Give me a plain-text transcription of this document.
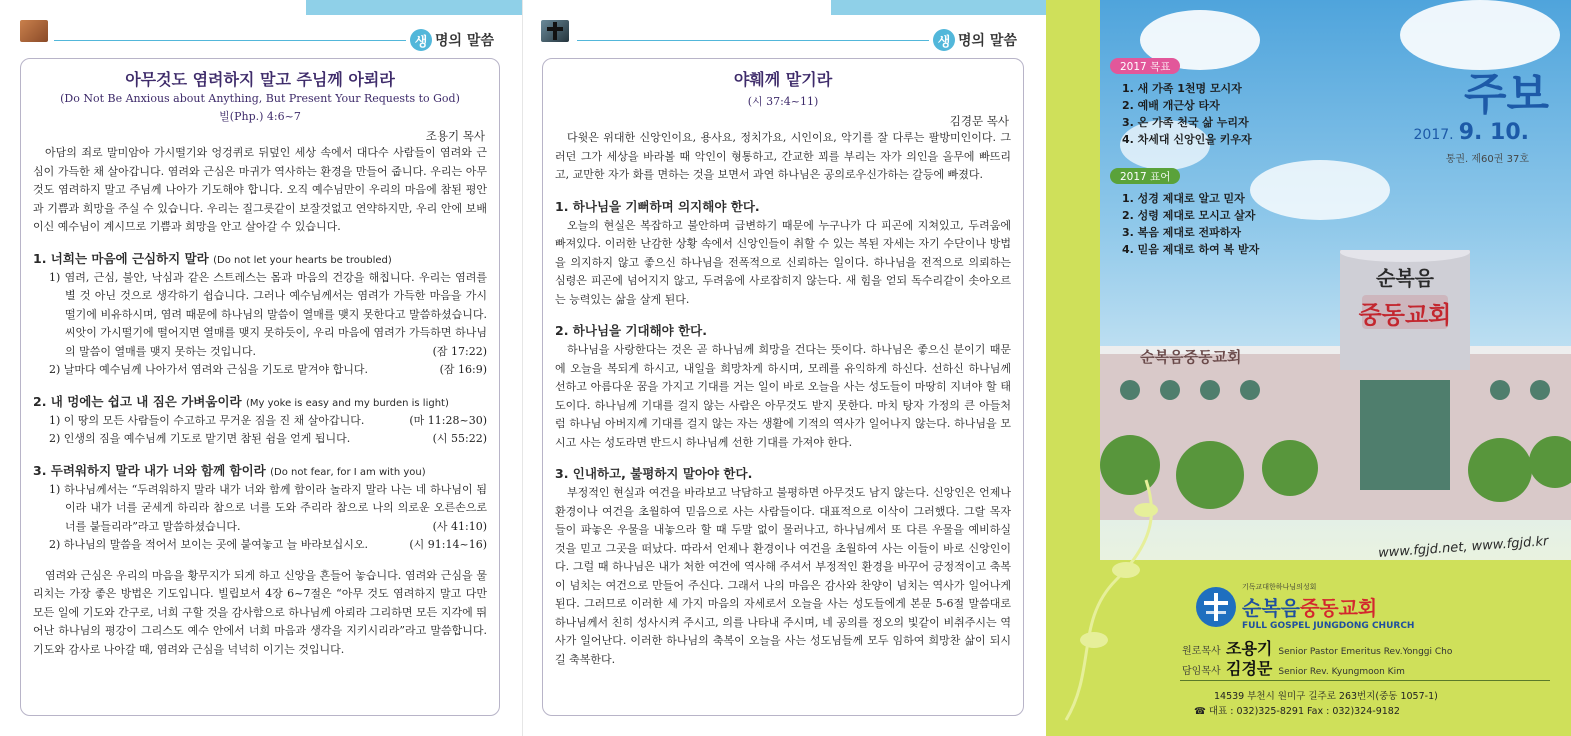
생 명의 말씀
아무것도 염려하지 말고 주님께 아뢰라
(Do Not Be Anxious about Anything, But Present Your Requests to God)
빌(Php.) 4:6~7
조용기 목사

아담의 죄로 말미암아 가시떨기와 엉겅퀴로 뒤덮인 세상 속에서 대다수 사람들이 염려와 근심이 가득한 채 살아갑니다. 염려와 근심은 마귀가 역사하는 환경을 만들어 줍니다. 우리는 아무것도 염려하지 말고 주님께 나아가 기도해야 합니다. 오직 예수님만이 우리의 마음에 참된 평안과 기쁨과 희망을 주실 수 있습니다. 우리는 질그릇같이 보잘것없고 연약하지만, 우리 안에 보배이신 예수님이 계시므로 기쁨과 희망을 안고 살아갈 수 있습니다.

1. 너희는 마음에 근심하지 말라 (Do not let your hearts be troubled)
1) 염려, 근심, 불안, 낙심과 같은 스트레스는 몸과 마음의 건강을 해칩니다. 우리는 염려를 별 것 아닌 것으로 생각하기 쉽습니다. 그러나 예수님께서는 염려가 가득한 마음을 가시떨기에 비유하시며, 염려 때문에 하나님의 말씀이 열매를 맺지 못한다고 말씀하셨습니다. 씨앗이 가시떨기에 떨어지면 열매를 맺지 못하듯이, 우리 마음에 염려가 가득하면 하나님의 말씀이 열매를 맺지 못하는 것입니다.	(잠 17:22)
2) 날마다 예수님께 나아가서 염려와 근심을 기도로 맡겨야 합니다.	(잠 16:9)
2. 내 멍에는 쉽고 내 짐은 가벼움이라 (My yoke is easy and my burden is light)
1) 이 땅의 모든 사람들이 수고하고 무거운 짐을 진 채 살아갑니다.	(마 11:28~30)
2) 인생의 짐을 예수님께 기도로 맡기면 참된 쉼을 얻게 됩니다.	(시 55:22)
3. 두려워하지 말라 내가 너와 함께 함이라 (Do not fear, for I am with you)
1) 하나님께서는 “두려워하지 말라 내가 너와 함께 함이라 놀라지 말라 나는 네 하나님이 됨이라 내가 너를 굳세게 하리라 참으로 너를 도와 주리라 참으로 나의 의로운 오른손으로 너를 붙들리라”라고 말씀하셨습니다.	(사 41:10)
2) 하나님의 말씀을 적어서 보이는 곳에 붙여놓고 늘 바라보십시오.	(시 91:14~16)

염려와 근심은 우리의 마음을 황무지가 되게 하고 신앙을 흔들어 놓습니다. 염려와 근심을 물리치는 가장 좋은 방법은 기도입니다. 빌립보서 4장 6~7절은 “아무 것도 염려하지 말고 다만 모든 일에 기도와 간구로, 너희 구할 것을 감사함으로 하나님께 아뢰라 그리하면 모든 지각에 뛰어난 하나님의 평강이 그리스도 예수 안에서 너희 마음과 생각을 지키시리라”라고 말씀합니다. 기도와 감사로 나아갈 때, 염려와 근심을 넉넉히 이기는 것입니다.

생 명의 말씀
야훼께 맡기라
(시 37:4~11)
김경문 목사

다윗은 위대한 신앙인이요, 용사요, 정치가요, 시인이요, 악기를 잘 다루는 팔방미인이다. 그러던 그가 세상을 바라볼 때 악인이 형통하고, 간교한 꾀를 부리는 자가 의인을 올무에 빠뜨리고, 교만한 자가 화를 면하는 것을 보면서 과연 하나님은 공의로우신가하는 갈등에 빠졌다.

1. 하나님을 기뻐하며 의지해야 한다.

오늘의 현실은 복잡하고 불안하며 급변하기 때문에 누구나가 다 피곤에 지쳐있고, 두려움에 빠져있다. 이러한 난감한 상황 속에서 신앙인들이 취할 수 있는 복된 자세는 자기 수단이나 방법을 의지하지 않고 좋으신 하나님을 전폭적으로 신뢰하는 일이다. 하나님을 전적으로 의뢰하는 심령은 피곤에 넘어지지 않고, 두려움에 사로잡히지 않는다. 새 힘을 얻되 독수리같이 솟아오르는 능력있는 삶을 살게 된다.

2. 하나님을 기대해야 한다.

하나님을 사랑한다는 것은 곧 하나님께 희망을 건다는 뜻이다. 하나님은 좋으신 분이기 때문에 오늘을 복되게 하시고, 내일을 희망차게 하시며, 모레를 유익하게 하신다. 선하신 하나님께 선하고 아름다운 꿈을 가지고 기대를 거는 일이 바로 오늘을 사는 성도들이 마땅히 지녀야 할 태도이다. 하나님께 기대를 걸지 않는 사람은 아무것도 받지 못한다. 마치 탕자 가정의 큰 아들처럼 하나님 아버지께 기대를 걸지 않는 자는 생활에 기적의 역사가 일어나지 않는다. 하나님을 모시고 사는 성도라면 반드시 하나님께 선한 기대를 가져야 한다.

3. 인내하고, 불평하지 말아야 한다.

부정적인 현실과 여건을 바라보고 낙담하고 불평하면 아무것도 남지 않는다. 신앙인은 언제나 환경이나 여건을 초월하여 믿음으로 사는 사람들이다. 대표적으로 이삭이 그러했다. 그랄 목자들이 파놓은 우물을 내놓으라 할 때 두말 없이 물러나고, 하나님께서 또 다른 우물을 예비하실 것을 믿고 그곳을 떠났다. 따라서 언제나 환경이나 여건을 초월하여 사는 이들이 바로 신앙인이다. 그럴 때 하나님은 내가 처한 여건에 역사해 주셔서 부정적인 환경을 바꾸어 긍정적이고 축복이 넘치는 여건으로 만들어 주신다. 그래서 나의 마음은 감사와 찬양이 넘치는 역사가 일어나게 된다. 그러므로 이러한 세 가지 마음의 자세로서 오늘을 사는 성도들에게 본문 5-6절 말씀대로 하나님께서 친히 성사시켜 주시고, 의를 나타내 주시며, 네 공의를 정오의 빛같이 비취주시는 역사가 일어난다. 이러한 하나님의 축복이 오늘을 사는 성도님들께 모두 임하여 희망찬 삶이 되시길 축복한다.

순복음
중동교회
순복음중동교회
2017 목표
1. 새 가족 1천명 모시자
2. 예배 개근상 타자
3. 온 가족 천국 삶 누리자
4. 차세대 신앙인을 키우자
2017 표어
1. 성경 제대로 알고 믿자
2. 성령 제대로 모시고 살자
3. 복음 제대로 전파하자
4. 믿음 제대로 하여 복 받자
주보
2017. 9. 10.
통권. 제60권 37호
www.fgjd.net, www.fgjd.kr
기독교대한하나님의성회
순복음중동교회
FULL GOSPEL JUNGDONG CHURCH
원로목사 조용기 Senior Pastor Emeritus Rev.Yonggi Cho
담임목사 김경문 Senior Rev. Kyungmoon Kim
14539 부천시 원미구 길주로 263번지(중동 1057-1)
☎ 대표 : 032)325-8291 Fax : 032)324-9182
